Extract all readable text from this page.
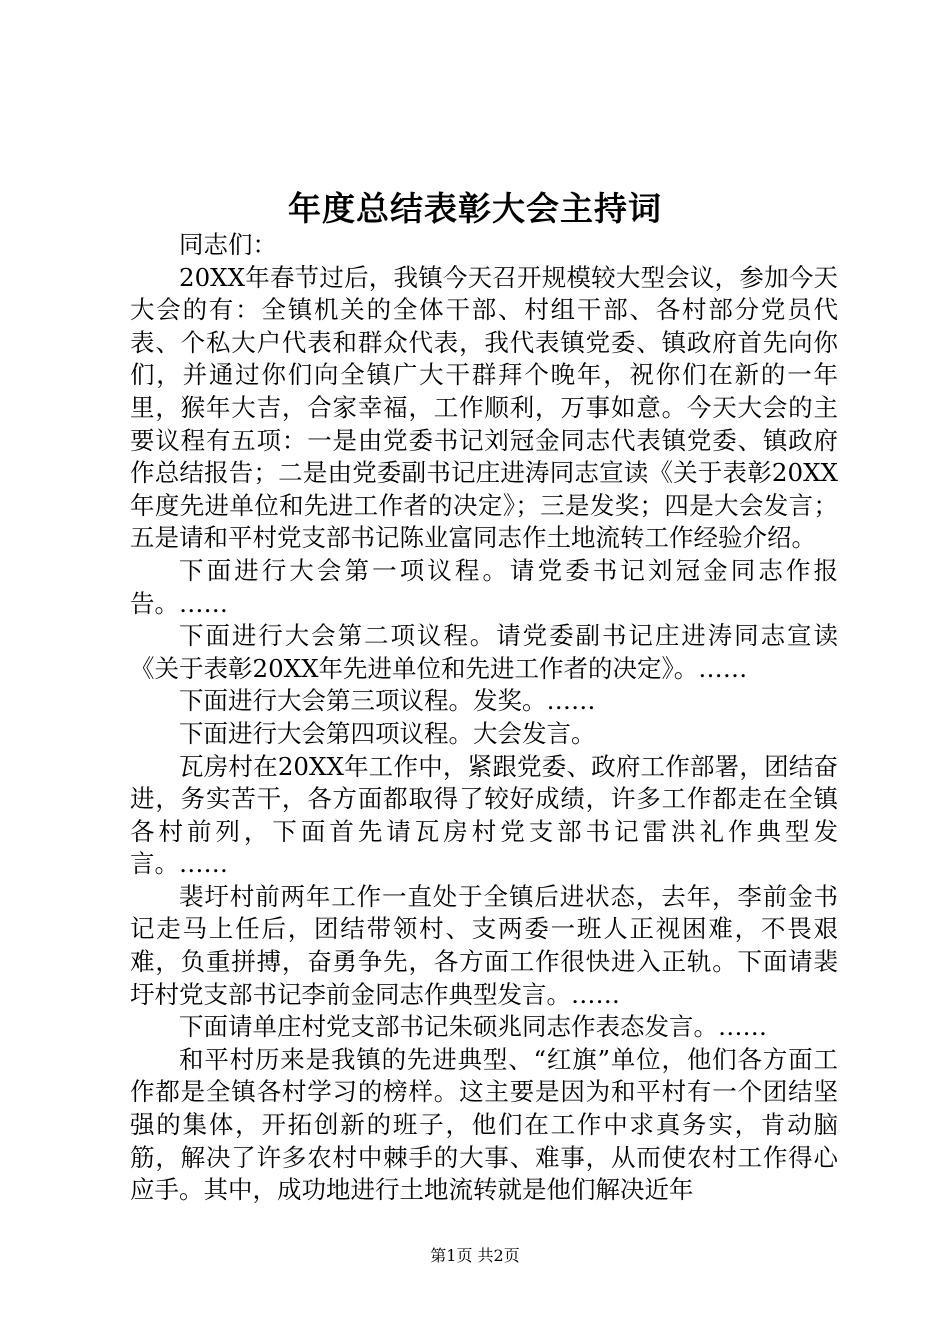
年度总结表彰大会主持词

同志们：

20XX年春节过后，我镇今天召开规模较大型会议，参加今天大会的有：全镇机关的全体干部、村组干部、各村部分党员代表、个私大户代表和群众代表，我代表镇党委、镇政府首先向你们，并通过你们向全镇广大干群拜个晚年，祝你们在新的一年里，猴年大吉，合家幸福，工作顺利，万事如意。今天大会的主要议程有五项：一是由党委书记刘冠金同志代表镇党委、镇政府作总结报告；二是由党委副书记庄进涛同志宣读《关于表彰20XX年度先进单位和先进工作者的决定》；三是发奖；四是大会发言；五是请和平村党支部书记陈业富同志作土地流转工作经验介绍。

下面进行大会第一项议程。请党委书记刘冠金同志作报告。……

下面进行大会第二项议程。请党委副书记庄进涛同志宣读《关于表彰20XX年先进单位和先进工作者的决定》。……

下面进行大会第三项议程。发奖。……

下面进行大会第四项议程。大会发言。

瓦房村在20XX年工作中，紧跟党委、政府工作部署，团结奋进，务实苦干，各方面都取得了较好成绩，许多工作都走在全镇各村前列，下面首先请瓦房村党支部书记雷洪礼作典型发言。……

裴圩村前两年工作一直处于全镇后进状态，去年，李前金书记走马上任后，团结带领村、支两委一班人正视困难，不畏艰难，负重拼搏，奋勇争先，各方面工作很快进入正轨。下面请裴圩村党支部书记李前金同志作典型发言。……

下面请单庄村党支部书记朱硕兆同志作表态发言。……

和平村历来是我镇的先进典型、“红旗”单位，他们各方面工作都是全镇各村学习的榜样。这主要是因为和平村有一个团结坚强的集体，开拓创新的班子，他们在工作中求真务实，肯动脑筋，解决了许多农村中棘手的大事、难事，从而使农村工作得心应手。其中，成功地进行土地流转就是他们解决近年

第1页 共2页
